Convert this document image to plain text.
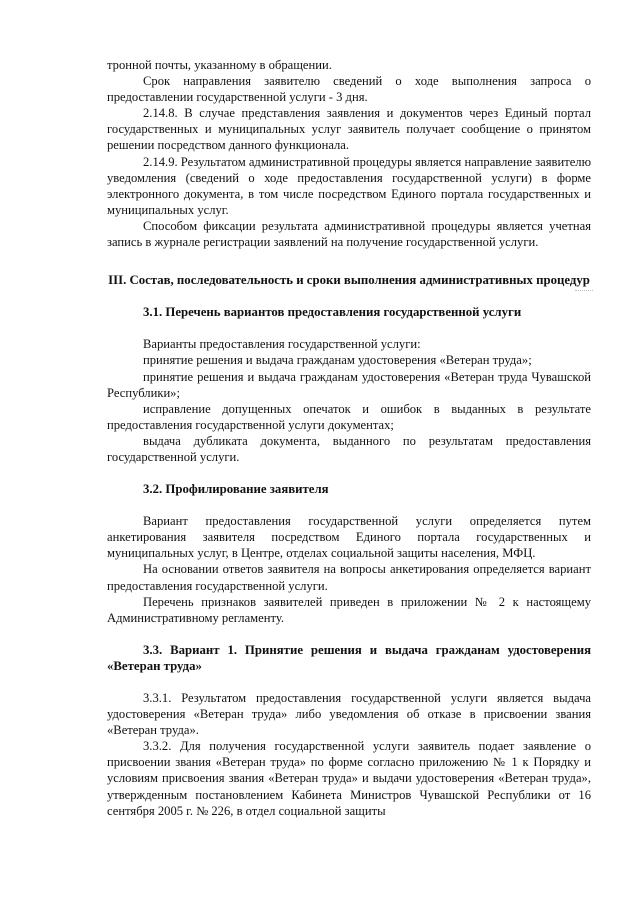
тронной почты, указанному в обращении.

Срок направления заявителю сведений о ходе выполнения запроса о предоставлении государственной услуги - 3 дня.

2.14.8. В случае представления заявления и документов через Единый портал государственных и муниципальных услуг заявитель получает сообщение о принятом решении посредством данного функционала.

2.14.9. Результатом административной процедуры является направление заявителю уведомления (сведений о ходе предоставления государственной услуги) в форме электронного документа, в том числе посредством Единого портала государственных и муниципальных услуг.

Способом фиксации результата административной процедуры является учетная запись в журнале регистрации заявлений на получение государственной услуги.

III. Состав, последовательность и сроки выполнения административных процедур
3.1. Перечень вариантов предоставления государственной услуги

Варианты предоставления государственной услуги:

принятие решения и выдача гражданам удостоверения «Ветеран труда»;

принятие решения и выдача гражданам удостоверения «Ветеран труда Чувашской Республики»;

исправление допущенных опечаток и ошибок в выданных в результате предоставления государственной услуги документах;

выдача дубликата документа, выданного по результатам предоставления государственной услуги.

3.2. Профилирование заявителя

Вариант предоставления государственной услуги определяется путем анкетирования заявителя посредством Единого портала государственных и муниципальных услуг, в Центре, отделах социальной защиты населения, МФЦ.

На основании ответов заявителя на вопросы анкетирования определяется вариант предоставления государственной услуги.

Перечень признаков заявителей приведен в приложении № 2 к настоящему Административному регламенту.

3.3. Вариант 1. Принятие решения и выдача гражданам удостоверения «Ветеран труда»

3.3.1. Результатом предоставления государственной услуги является выдача удостоверения «Ветеран труда» либо уведомления об отказе в присвоении звания «Ветеран труда».

3.3.2. Для получения государственной услуги заявитель подает заявление о присвоении звания «Ветеран труда» по форме согласно приложению № 1 к Порядку и условиям присвоения звания «Ветеран труда» и выдачи удостоверения «Ветеран труда», утвержденным постановлением Кабинета Министров Чувашской Республики от 16 сентября 2005 г. № 226, в отдел социальной защиты
